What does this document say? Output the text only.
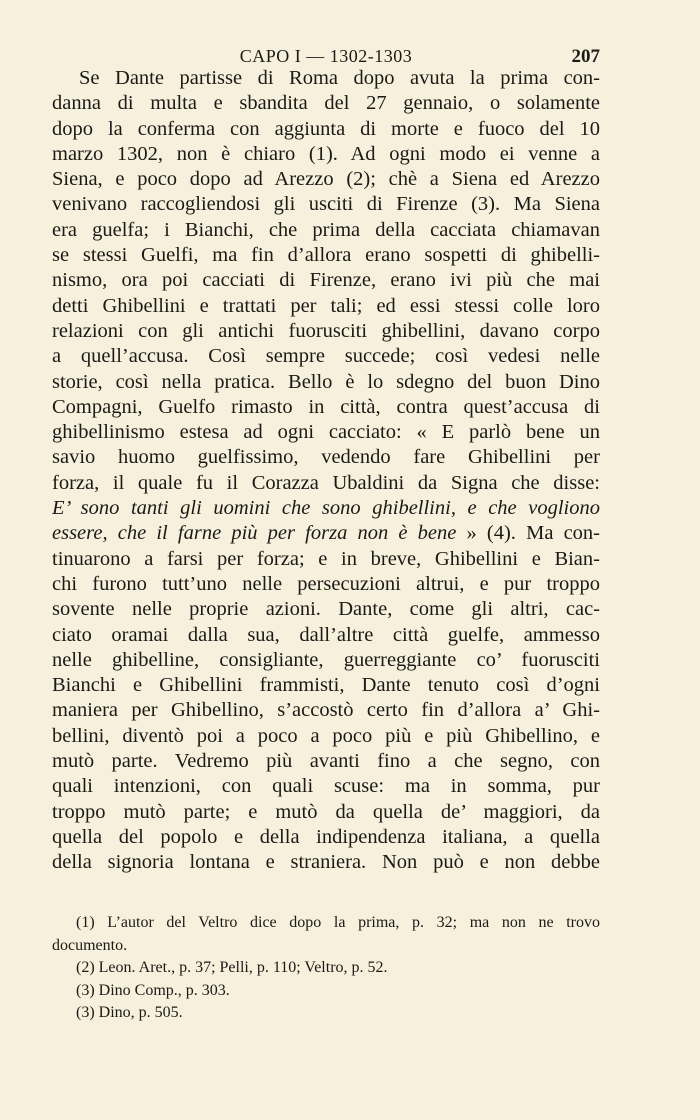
CAPO I — 1302-1303	207
Se Dante partisse di Roma dopo avuta la prima con-
danna di multa e sbandita del 27 gennaio, o solamente
dopo la conferma con aggiunta di morte e fuoco del 10
marzo 1302, non è chiaro (1). Ad ogni modo ei venne a
Siena, e poco dopo ad Arezzo (2); chè a Siena ed Arezzo
venivano raccogliendosi gli usciti di Firenze (3). Ma Siena
era guelfa; i Bianchi, che prima della cacciata chiamavan
se stessi Guelfi, ma fin d’allora erano sospetti di ghibelli-
nismo, ora poi cacciati di Firenze, erano ivi più che mai
detti Ghibellini e trattati per tali; ed essi stessi colle loro
relazioni con gli antichi fuorusciti ghibellini, davano corpo
a quell’accusa. Così sempre succede; così vedesi nelle
storie, così nella pratica. Bello è lo sdegno del buon Dino
Compagni, Guelfo rimasto in città, contra quest’accusa di
ghibellinismo estesa ad ogni cacciato: « E parlò bene un
savio huomo guelfissimo, vedendo fare Ghibellini per
forza, il quale fu il Corazza Ubaldini da Signa che disse:
E’ sono tanti gli uomini che sono ghibellini, e che vogliono
essere, che il farne più per forza non è bene » (4). Ma con-
tinuarono a farsi per forza; e in breve, Ghibellini e Bian-
chi furono tutt’uno nelle persecuzioni altrui, e pur troppo
sovente nelle proprie azioni. Dante, come gli altri, cac-
ciato oramai dalla sua, dall’altre città guelfe, ammesso
nelle ghibelline, consigliante, guerreggiante co’ fuorusciti
Bianchi e Ghibellini frammisti, Dante tenuto così d’ogni
maniera per Ghibellino, s’accostò certo fin d’allora a’ Ghi-
bellini, diventò poi a poco a poco più e più Ghibellino, e
mutò parte. Vedremo più avanti fino a che segno, con
quali intenzioni, con quali scuse: ma in somma, pur
troppo mutò parte; e mutò da quella de’ maggiori, da
quella del popolo e della indipendenza italiana, a quella
della signoria lontana e straniera. Non può e non debbe
(1) L’autor del Veltro dice dopo la prima, p. 32; ma non ne trovo
documento.
(2) Leon. Aret., p. 37; Pelli, p. 110; Veltro, p. 52.
(3) Dino Comp., p. 303.
(3) Dino, p. 505.
